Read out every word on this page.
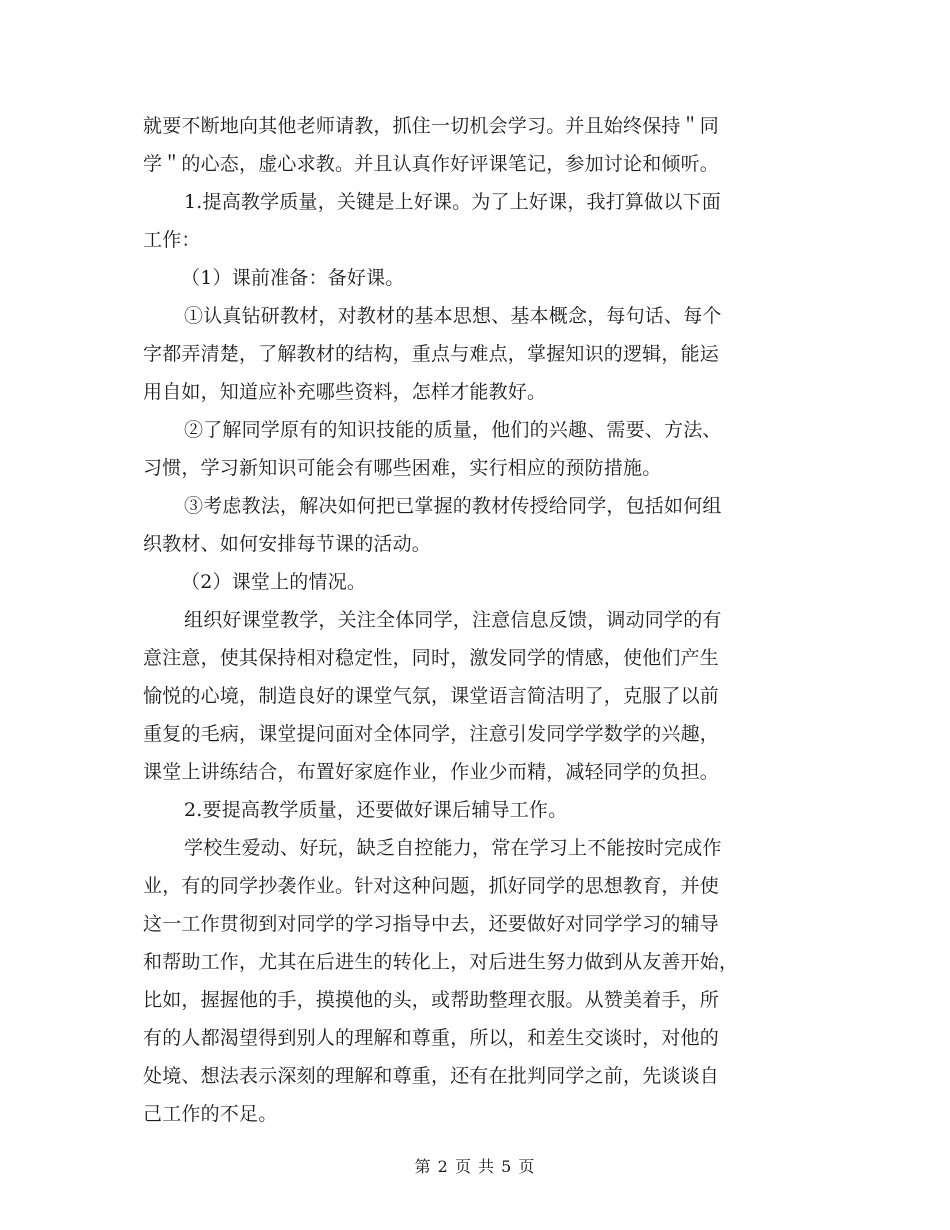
就要不断地向其他老师请教，抓住一切机会学习。并且始终保持＂同
学＂的心态，虚心求教。并且认真作好评课笔记，参加讨论和倾听。
1.提高教学质量，关键是上好课。为了上好课，我打算做以下面
工作：
（1）课前准备：备好课。
①认真钻研教材，对教材的基本思想、基本概念，每句话、每个
字都弄清楚，了解教材的结构，重点与难点，掌握知识的逻辑，能运
用自如，知道应补充哪些资料，怎样才能教好。
②了解同学原有的知识技能的质量，他们的兴趣、需要、方法、
习惯，学习新知识可能会有哪些困难，实行相应的预防措施。
③考虑教法，解决如何把已掌握的教材传授给同学，包括如何组
织教材、如何安排每节课的活动。
（2）课堂上的情况。
组织好课堂教学，关注全体同学，注意信息反馈，调动同学的有
意注意，使其保持相对稳定性，同时，激发同学的情感，使他们产生
愉悦的心境，制造良好的课堂气氛，课堂语言简洁明了，克服了以前
重复的毛病，课堂提问面对全体同学，注意引发同学学数学的兴趣，
课堂上讲练结合，布置好家庭作业，作业少而精，减轻同学的负担。
2.要提高教学质量，还要做好课后辅导工作。
学校生爱动、好玩，缺乏自控能力，常在学习上不能按时完成作
业，有的同学抄袭作业。针对这种问题，抓好同学的思想教育，并使
这一工作贯彻到对同学的学习指导中去，还要做好对同学学习的辅导
和帮助工作，尤其在后进生的转化上，对后进生努力做到从友善开始，
比如，握握他的手，摸摸他的头，或帮助整理衣服。从赞美着手，所
有的人都渴望得到别人的理解和尊重，所以，和差生交谈时，对他的
处境、想法表示深刻的理解和尊重，还有在批判同学之前，先谈谈自
己工作的不足。
第 2 页 共 5 页
